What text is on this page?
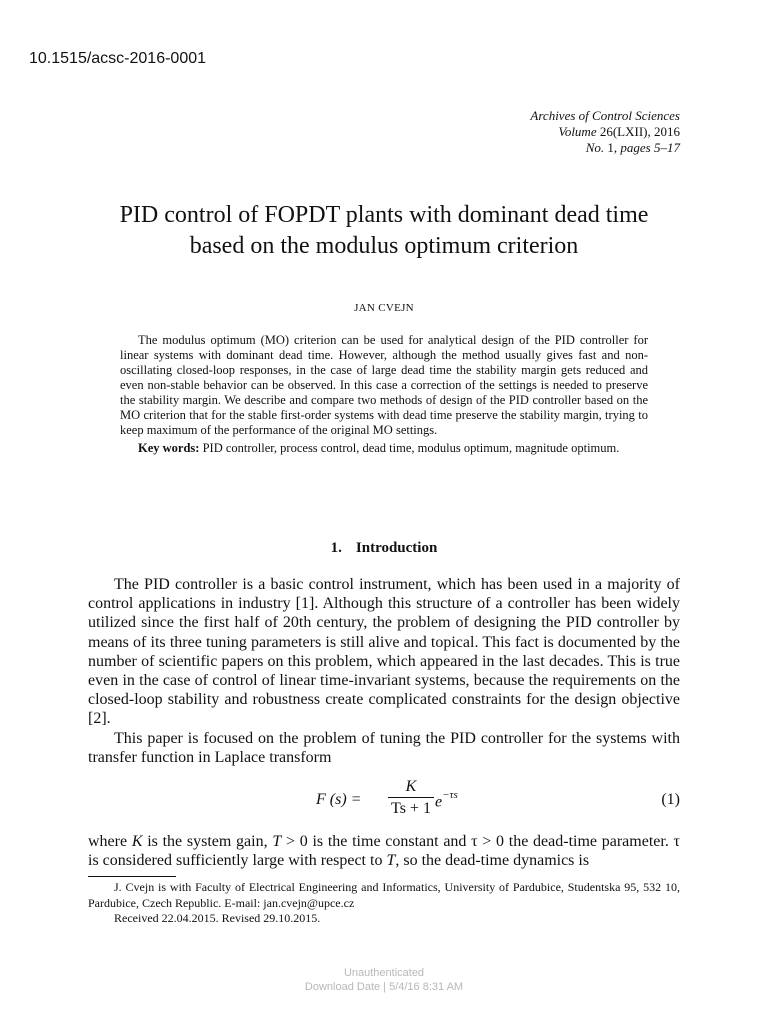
10.1515/acsc-2016-0001
Archives of Control Sciences
Volume 26(LXII), 2016
No. 1, pages 5–17
PID control of FOPDT plants with dominant dead time
based on the modulus optimum criterion
JAN CVEJN

The modulus optimum (MO) criterion can be used for analytical design of the PID controller for linear systems with dominant dead time. However, although the method usually gives fast and non-oscillating closed-loop responses, in the case of large dead time the stability margin gets reduced and even non-stable behavior can be observed. In this case a correction of the settings is needed to preserve the stability margin. We describe and compare two methods of design of the PID controller based on the MO criterion that for the stable first-order systems with dead time preserve the stability margin, trying to keep maximum of the performance of the original MO settings.

Key words: PID controller, process control, dead time, modulus optimum, magnitude optimum.

1. Introduction

The PID controller is a basic control instrument, which has been used in a majority of control applications in industry [1]. Although this structure of a controller has been widely utilized since the first half of 20th century, the problem of designing the PID controller by means of its three tuning parameters is still alive and topical. This fact is documented by the number of scientific papers on this problem, which appeared in the last decades. This is true even in the case of control of linear time-invariant systems, because the requirements on the closed-loop stability and robustness create complicated constraints for the design objective [2].

This paper is focused on the problem of tuning the PID controller for the systems with transfer function in Laplace transform

F (s) =
K
Ts + 1 $e^{-\tau s}$	(1)

where K is the system gain, T > 0 is the time constant and τ > 0 the dead-time parameter. τ is considered sufficiently large with respect to T, so the dead-time dynamics is

J. Cvejn is with Faculty of Electrical Engineering and Informatics, University of Pardubice, Studentska 95, 532 10, Pardubice, Czech Republic. E-mail: jan.cvejn@upce.cz

Received 22.04.2015. Revised 29.10.2015.

Unauthenticated
Download Date | 5/4/16 8:31 AM
